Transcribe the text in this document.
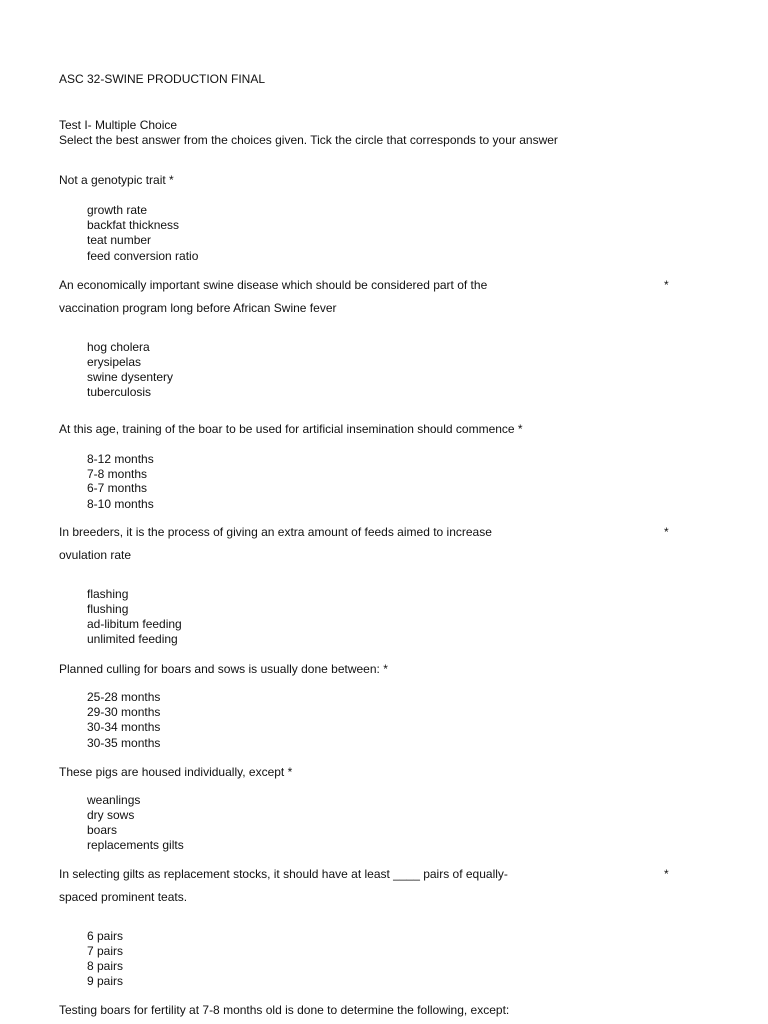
ASC 32-SWINE PRODUCTION FINAL
Test I- Multiple Choice
Select the best answer from the choices given. Tick the circle that corresponds to your answer
Not a genotypic trait *
growth rate
backfat thickness
teat number
feed conversion ratio
An economically important swine disease which should be considered part of the	*
vaccination program long before African Swine fever
hog cholera
erysipelas
swine dysentery
tuberculosis
At this age, training of the boar to be used for artificial insemination should commence *
8-12 months
7-8 months
6-7 months
8-10 months
In breeders, it is the process of giving an extra amount of feeds aimed to increase	*
ovulation rate
flashing
flushing
ad-libitum feeding
unlimited feeding
Planned culling for boars and sows is usually done between: *
25-28 months
29-30 months
30-34 months
30-35 months
These pigs are housed individually, except *
weanlings
dry sows
boars
replacements gilts
In selecting gilts as replacement stocks, it should have at least ____ pairs of equally-	*
spaced prominent teats.
6 pairs
7 pairs
8 pairs
9 pairs
Testing boars for fertility at 7-8 months old is done to determine the following, except:
